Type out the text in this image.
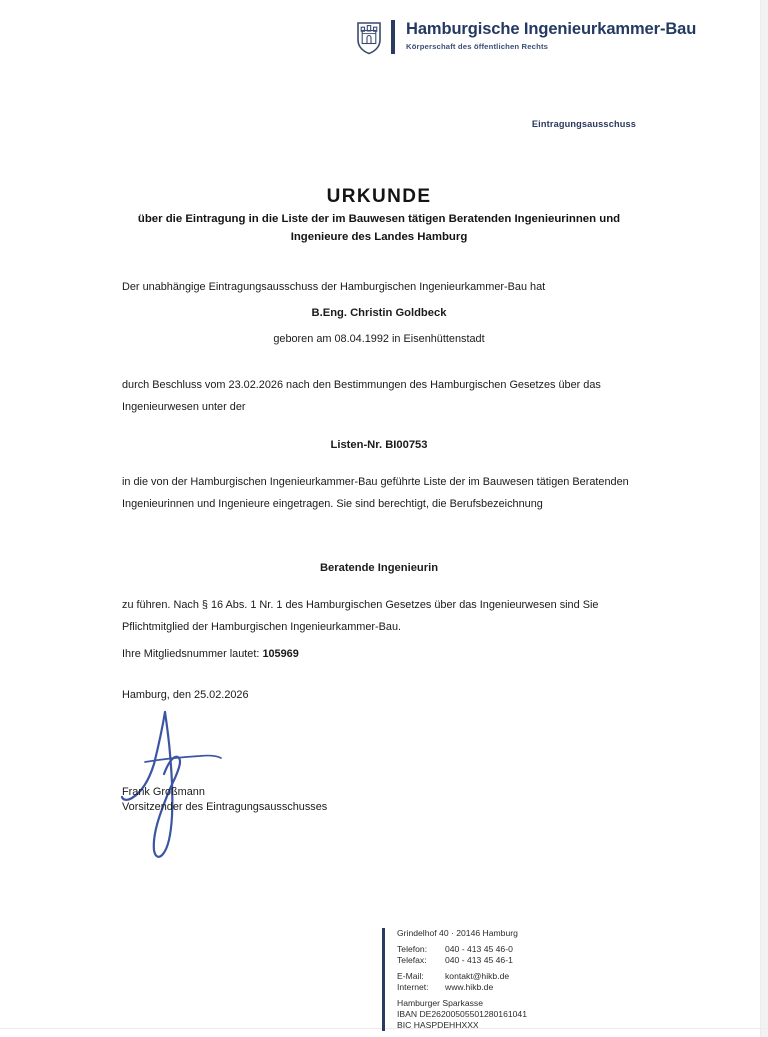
Hamburgische Ingenieurkammer-Bau
Körperschaft des öffentlichen Rechts
Eintragungsausschuss
URKUNDE
über die Eintragung in die Liste der im Bauwesen tätigen Beratenden Ingenieurinnen und Ingenieure des Landes Hamburg
Der unabhängige Eintragungsausschuss der Hamburgischen Ingenieurkammer-Bau hat
B.Eng. Christin Goldbeck
geboren am 08.04.1992 in Eisenhüttenstadt
durch Beschluss vom 23.02.2026 nach den Bestimmungen des Hamburgischen Gesetzes über das Ingenieurwesen unter der
Listen-Nr. BI00753
in die von der Hamburgischen Ingenieurkammer-Bau geführte Liste der im Bauwesen tätigen Beratenden Ingenieurinnen und Ingenieure eingetragen. Sie sind berechtigt, die Berufsbezeichnung
Beratende Ingenieurin
zu führen. Nach § 16 Abs. 1 Nr. 1 des Hamburgischen Gesetzes über das Ingenieurwesen sind Sie Pflichtmitglied der Hamburgischen Ingenieurkammer-Bau.
Ihre Mitgliedsnummer lautet: 105969
Hamburg, den 25.02.2026
Frank Großmann
Vorsitzender des Eintragungsausschusses
Grindelhof 40 · 20146 Hamburg
Telefon:	040 - 413 45 46-0
Telefax:	040 - 413 45 46-1
E-Mail:	kontakt@hikb.de
Internet:	www.hikb.de
Hamburger Sparkasse
IBAN DE26200505501280161041
BIC HASPDEHHXXX
